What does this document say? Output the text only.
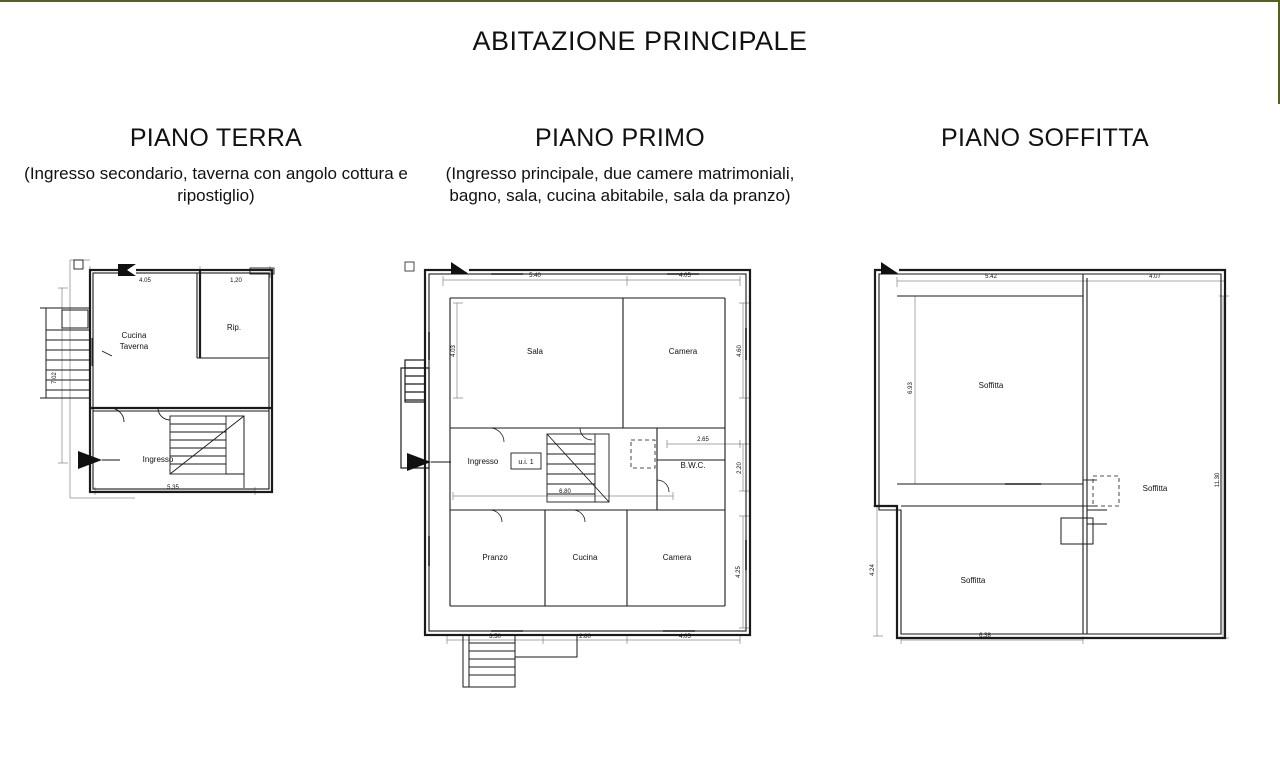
ABITAZIONE PRINCIPALE
PIANO TERRA
(Ingresso secondario, taverna con angolo cottura e ripostiglio)
Cucina
Taverna
Rip.
Ingresso
4.05	1,20
5.35
7.02
PIANO PRIMO
(Ingresso principale, due camere matrimoniali, bagno, sala, cucina abitabile, sala da pranzo)
Sala	Camera
Ingresso	u.i. 1	B.W.C.
Pranzo	Cucina	Camera
5.40	4.05
4.03	4.60
2.65
2.20
6.80
4.25
3.50	2.80	4.05
PIANO SOFFITTA
Soffitta
Soffitta
Soffitta
5.42	4.07
6.93
11.30
4.24
6.38
